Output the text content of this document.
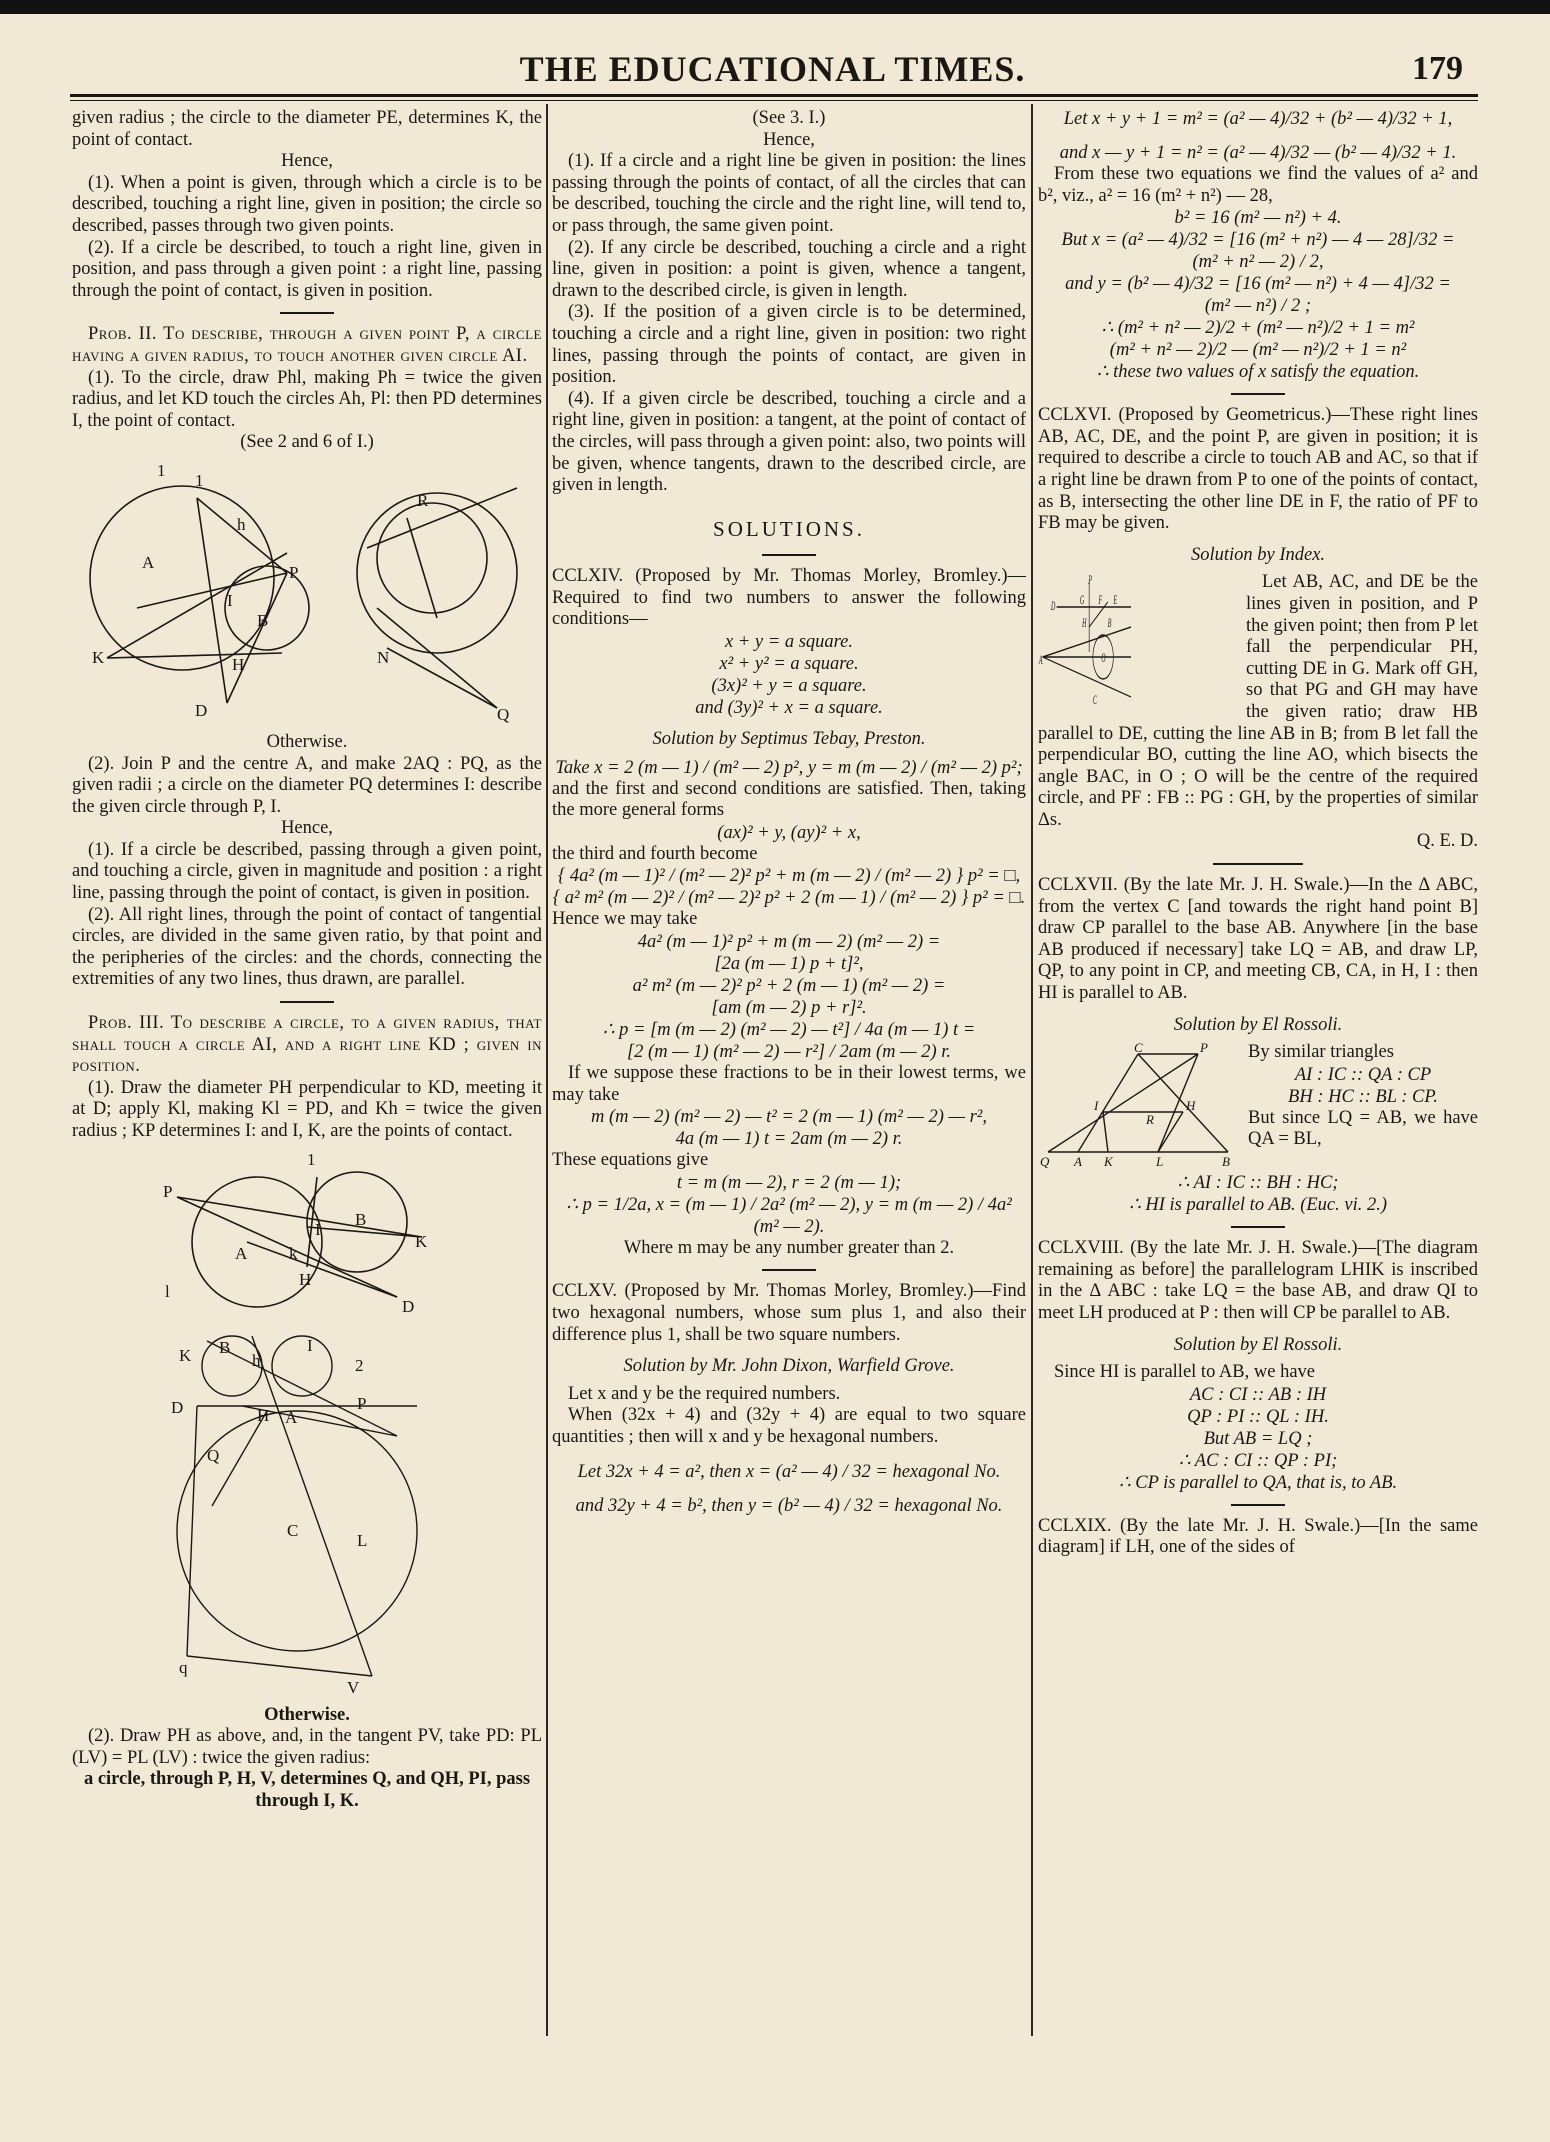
THE EDUCATIONAL TIMES.	179

given radius ; the circle to the diameter PE, determines K, the point of contact.

Hence,

(1). When a point is given, through which a circle is to be described, touching a right line, given in position; the circle so described, passes through two given points.

(2). If a circle be described, to touch a right line, given in position, and pass through a given point : a right line, passing through the point of contact, is given in position.

Prob. II. To describe, through a given point P, a circle having a given radius, to touch another given circle AI.

(1). To the circle, draw Phl, making Ph = twice the given radius, and let KD touch the circles Ah, Pl: then PD determines I, the point of contact.

(See 2 and 6 of I.)

1
1
A
h
P
I
B
K	H
D	Q
N
R

Otherwise.

(2). Join P and the centre A, and make 2AQ : PQ, as the given radii ; a circle on the diameter PQ determines I: describe the given circle through P, I.

Hence,

(1). If a circle be described, passing through a given point, and touching a circle, given in magnitude and position : a right line, passing through the point of contact, is given in position.

(2). All right lines, through the point of contact of tangential circles, are divided in the same given ratio, by that point and the peripheries of the circles: and the chords, connecting the extremities of any two lines, thus drawn, are parallel.

Prob. III. To describe a circle, to a given radius, that shall touch a circle AI, and a right line KD ; given in position.

(1). Draw the diameter PH perpendicular to KD, meeting it at D; apply Kl, making Kl = PD, and Kh = twice the given radius ; KP determines I: and I, K, are the points of contact.

1
P
I
B
K
A k
H
l
D
K B	I
2
h
D	H A
P
Q
C
L
q
V

Otherwise.

(2). Draw PH as above, and, in the tangent PV, take PD: PL (LV) = PL (LV) : twice the given radius:

a circle, through P, H, V, determines Q, and QH, PI, pass through I, K.

(See 3. I.)

Hence,

(1). If a circle and a right line be given in position: the lines passing through the points of contact, of all the circles that can be described, touching the circle and the right line, will tend to, or pass through, the same given point.

(2). If any circle be described, touching a circle and a right line, given in position: a point is given, whence a tangent, drawn to the described circle, is given in length.

(3). If the position of a given circle is to be determined, touching a circle and a right line, given in position: two right lines, passing through the points of contact, are given in position.

(4). If a given circle be described, touching a circle and a right line, given in position: a tangent, at the point of contact of the circles, will pass through a given point: also, two points will be given, whence tangents, drawn to the described circle, are given in length.

SOLUTIONS.

CCLXIV. (Proposed by Mr. Thomas Morley, Bromley.)—Required to find two numbers to answer the following conditions—

x + y = a square.

x² + y² = a square.

(3x)² + y = a square.

and (3y)² + x = a square.

Solution by Septimus Tebay, Preston.

Take x = 2 (m — 1) / (m² — 2) p², y = m (m — 2) / (m² — 2) p²;

and the first and second conditions are satisfied. Then, taking the more general forms

(ax)² + y, (ay)² + x,

the third and fourth become

{ 4a² (m — 1)² / (m² — 2)² p² + m (m — 2) / (m² — 2) } p² = □,

{ a² m² (m — 2)² / (m² — 2)² p² + 2 (m — 1) / (m² — 2) } p² = □.

Hence we may take

4a² (m — 1)² p² + m (m — 2) (m² — 2) =

[2a (m — 1) p + t]²,

a² m² (m — 2)² p² + 2 (m — 1) (m² — 2) =

[am (m — 2) p + r]².

∴ p = [m (m — 2) (m² — 2) — t²] / 4a (m — 1) t =

[2 (m — 1) (m² — 2) — r²] / 2am (m — 2) r.

If we suppose these fractions to be in their lowest terms, we may take

m (m — 2) (m² — 2) — t² = 2 (m — 1) (m² — 2) — r²,

4a (m — 1) t = 2am (m — 2) r.

These equations give

t = m (m — 2), r = 2 (m — 1);

∴ p = 1/2a, x = (m — 1) / 2a² (m² — 2), y = m (m — 2) / 4a² (m² — 2).

Where m may be any number greater than 2.

CCLXV. (Proposed by Mr. Thomas Morley, Bromley.)—Find two hexagonal numbers, whose sum plus 1, and also their difference plus 1, shall be two square numbers.

Solution by Mr. John Dixon, Warfield Grove.

Let x and y be the required numbers.

When (32x + 4) and (32y + 4) are equal to two square quantities ; then will x and y be hexagonal numbers.

Let 32x + 4 = a², then x = (a² — 4) / 32 = hexagonal No.

and 32y + 4 = b², then y = (b² — 4) / 32 = hexagonal No.

Let x + y + 1 = m² = (a² — 4)/32 + (b² — 4)/32 + 1,

and x — y + 1 = n² = (a² — 4)/32 — (b² — 4)/32 + 1.

From these two equations we find the values of a² and b², viz., a² = 16 (m² + n²) — 28,

b² = 16 (m² — n²) + 4.

But x = (a² — 4)/32 = [16 (m² + n²) — 4 — 28]/32 =

(m² + n² — 2) / 2,

and y = (b² — 4)/32 = [16 (m² — n²) + 4 — 4]/32 =

(m² — n²) / 2 ;

∴ (m² + n² — 2)/2 + (m² — n²)/2 + 1 = m²

(m² + n² — 2)/2 — (m² — n²)/2 + 1 = n²

∴ these two values of x satisfy the equation.

CCLXVI. (Proposed by Geometricus.)—These right lines AB, AC, DE, and the point P, are given in position; it is required to describe a circle to touch AB and AC, so that if a right line be drawn from P to one of the points of contact, as B, intersecting the other line DE in F, the ratio of PF to FB may be given.

Solution by Index.

P
D G F E
H B
A	O
C

Let AB, AC, and DE be the lines given in position, and P the given point; then from P let fall the perpendicular PH, cutting DE in G. Mark off GH, so that PG and GH may have the given ratio; draw HB parallel to DE, cutting the line AB in B; from B let fall the perpendicular BO, cutting the line AO, which bisects the angle BAC, in O ; O will be the centre of the required circle, and PF : FB :: PG : GH, by the properties of similar Δs.

Q. E. D.

CCLXVII. (By the late Mr. J. H. Swale.)—In the Δ ABC, from the vertex C [and towards the right hand point B] draw CP parallel to the base AB. Anywhere [in the base AB produced if necessary] take LQ = AB, and draw LP, QP, to any point in CP, and meeting CB, CA, in H, I : then HI is parallel to AB.

Solution by El Rossoli.

C	P
I	H
R
Q A K	L	B

By similar triangles

AI : IC :: QA : CP

BH : HC :: BL : CP.

But since LQ = AB, we have QA = BL,

∴ AI : IC :: BH : HC;

∴ HI is parallel to AB. (Euc. vi. 2.)

CCLXVIII. (By the late Mr. J. H. Swale.)—[The diagram remaining as before] the parallelogram LHIK is inscribed in the Δ ABC : take LQ = the base AB, and draw QI to meet LH produced at P : then will CP be parallel to AB.

Solution by El Rossoli.

Since HI is parallel to AB, we have

AC : CI :: AB : IH

QP : PI :: QL : IH.

But AB = LQ ;

∴ AC : CI :: QP : PI;

∴ CP is parallel to QA, that is, to AB.

CCLXIX. (By the late Mr. J. H. Swale.)—[In the same diagram] if LH, one of the sides of
